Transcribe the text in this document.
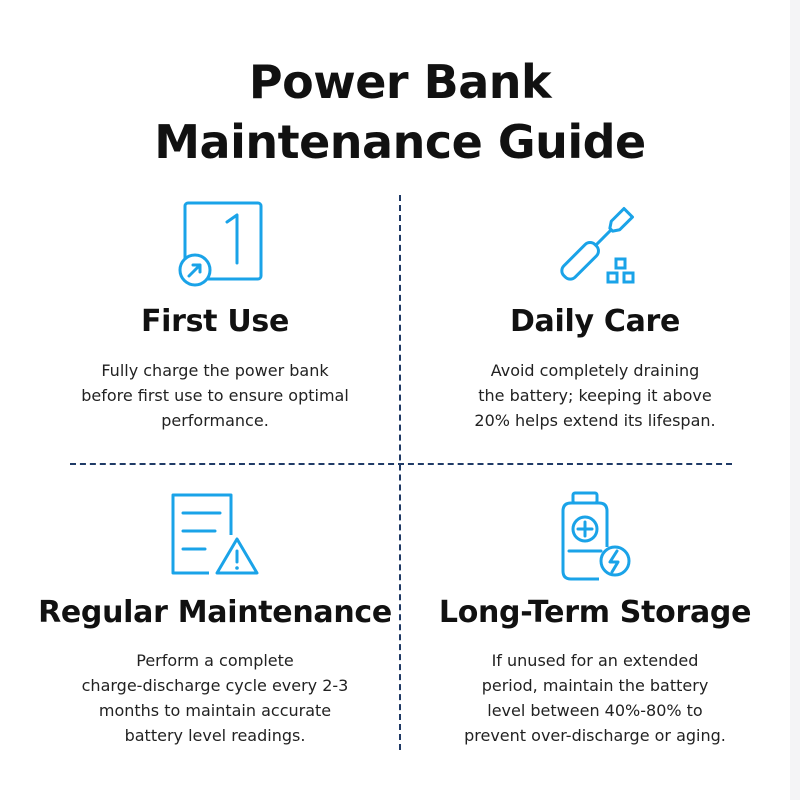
Power Bank
Maintenance Guide
First Use
Fully charge the power bank
before first use to ensure optimal
performance.
Daily Care
Avoid completely draining
the battery; keeping it above
20% helps extend its lifespan.
Regular Maintenance
Perform a complete
charge-discharge cycle every 2-3
months to maintain accurate
battery level readings.
Long-Term Storage
If unused for an extended
period, maintain the battery
level between 40%-80% to
prevent over-discharge or aging.
